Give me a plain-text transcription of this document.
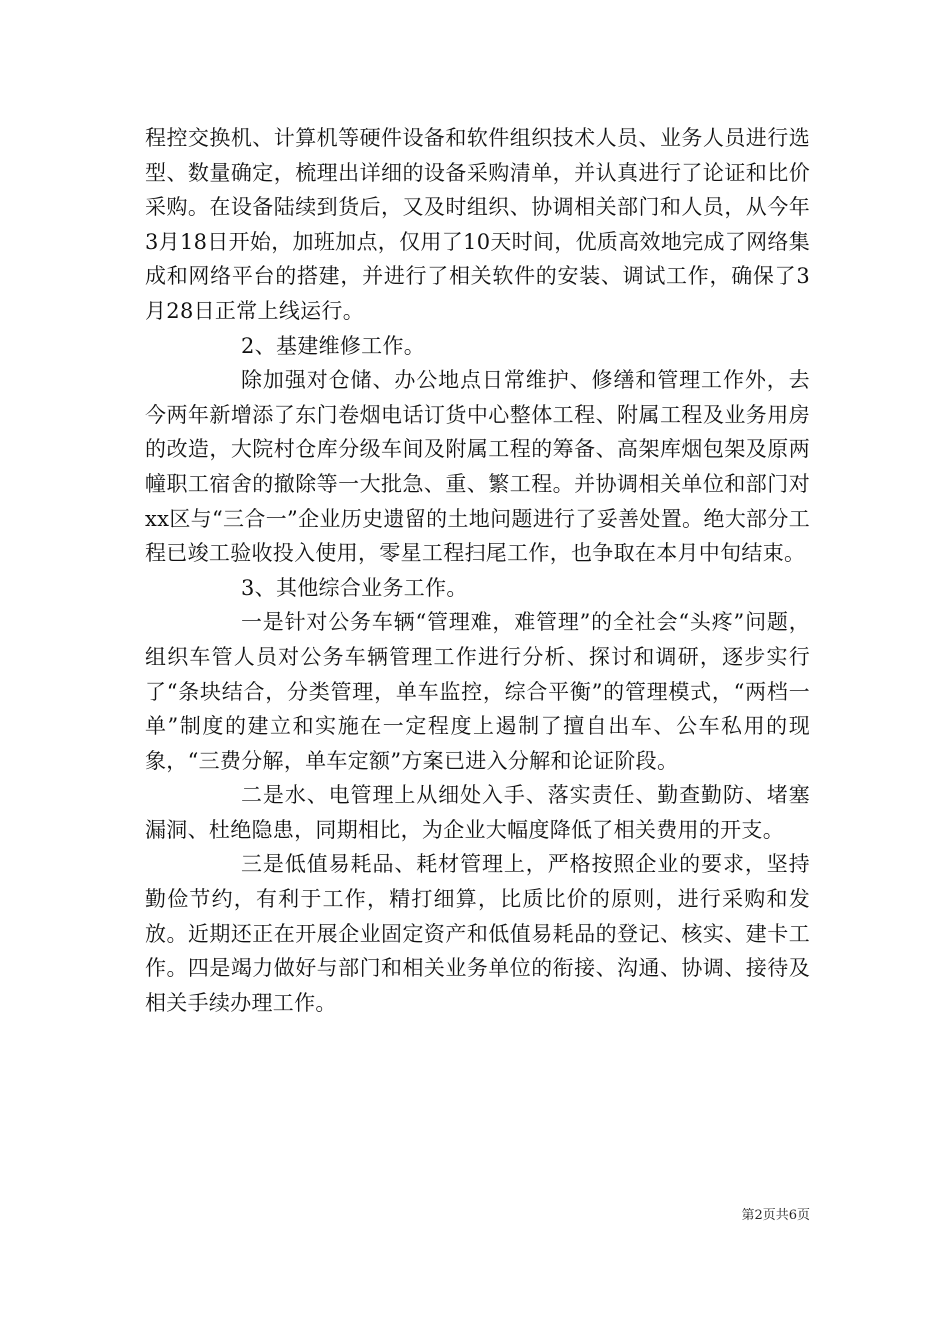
程控交换机、计算机等硬件设备和软件组织技术人员、业务人员进行选型、数量确定，梳理出详细的设备采购清单，并认真进行了论证和比价采购。在设备陆续到货后，又及时组织、协调相关部门和人员，从今年3月18日开始，加班加点，仅用了10天时间，优质高效地完成了网络集成和网络平台的搭建，并进行了相关软件的安装、调试工作，确保了3月28日正常上线运行。

2、基建维修工作。

除加强对仓储、办公地点日常维护、修缮和管理工作外，去今两年新增添了东门卷烟电话订货中心整体工程、附属工程及业务用房的改造，大院村仓库分级车间及附属工程的筹备、高架库烟包架及原两幢职工宿舍的撤除等一大批急、重、繁工程。并协调相关单位和部门对xx区与“三合一”企业历史遗留的土地问题进行了妥善处置。绝大部分工程已竣工验收投入使用，零星工程扫尾工作，也争取在本月中旬结束。

3、其他综合业务工作。

一是针对公务车辆“管理难，难管理”的全社会“头疼”问题，组织车管人员对公务车辆管理工作进行分析、探讨和调研，逐步实行了“条块结合，分类管理，单车监控，综合平衡”的管理模式，“两档一单”制度的建立和实施在一定程度上遏制了擅自出车、公车私用的现象，“三费分解，单车定额”方案已进入分解和论证阶段。

二是水、电管理上从细处入手、落实责任、勤查勤防、堵塞漏洞、杜绝隐患，同期相比，为企业大幅度降低了相关费用的开支。

三是低值易耗品、耗材管理上，严格按照企业的要求，坚持勤俭节约，有利于工作，精打细算，比质比价的原则，进行采购和发放。近期还正在开展企业固定资产和低值易耗品的登记、核实、建卡工作。四是竭力做好与部门和相关业务单位的衔接、沟通、协调、接待及相关手续办理工作。

第2页共6页
